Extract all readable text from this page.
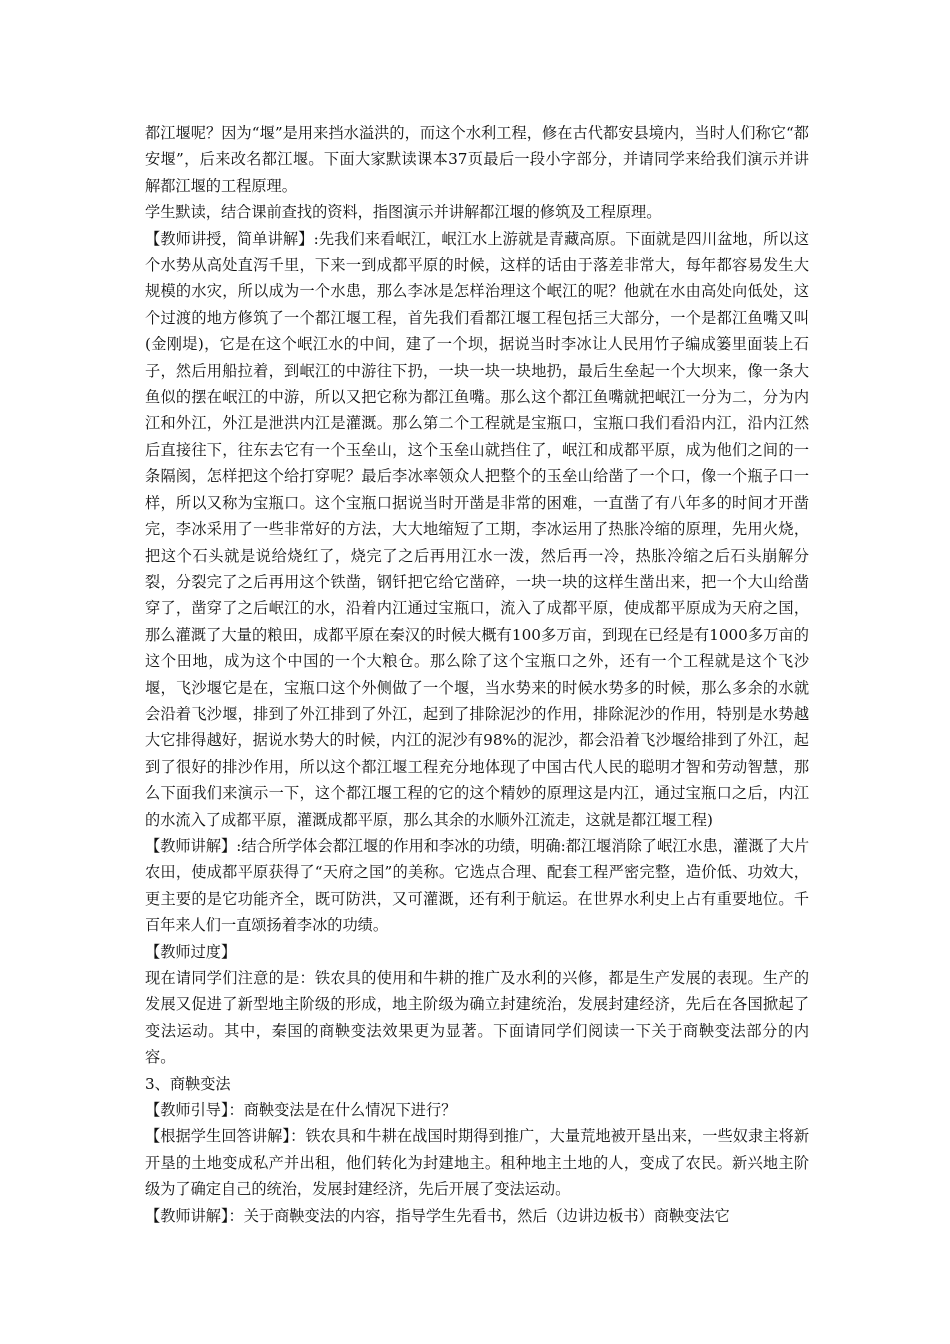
都江堰呢？因为“堰”是用来挡水溢洪的，而这个水利工程，修在古代都安县境内，当时人们称它“都安堰”，后来改名都江堰。下面大家默读课本37页最后一段小字部分，并请同学来给我们演示并讲解都江堰的工程原理。

学生默读，结合课前查找的资料，指图演示并讲解都江堰的修筑及工程原理。

【教师讲授，简单讲解】:先我们来看岷江，岷江水上游就是青藏高原。下面就是四川盆地，所以这个水势从高处直泻千里，下来一到成都平原的时候，这样的话由于落差非常大，每年都容易发生大规模的水灾，所以成为一个水患，那么李冰是怎样治理这个岷江的呢？他就在水由高处向低处，这个过渡的地方修筑了一个都江堰工程，首先我们看都江堰工程包括三大部分，一个是都江鱼嘴又叫(金刚堤)，它是在这个岷江水的中间，建了一个坝，据说当时李冰让人民用竹子编成篓里面装上石子，然后用船拉着，到岷江的中游往下扔，一块一块一块地扔，最后生垒起一个大坝来，像一条大鱼似的摆在岷江的中游，所以又把它称为都江鱼嘴。那么这个都江鱼嘴就把岷江一分为二，分为内江和外江，外江是泄洪内江是灌溉。那么第二个工程就是宝瓶口，宝瓶口我们看沿内江，沿内江然后直接往下，往东去它有一个玉垒山，这个玉垒山就挡住了，岷江和成都平原，成为他们之间的一条隔阂，怎样把这个给打穿呢？最后李冰率领众人把整个的玉垒山给凿了一个口，像一个瓶子口一样，所以又称为宝瓶口。这个宝瓶口据说当时开凿是非常的困难，一直凿了有八年多的时间才开凿完，李冰采用了一些非常好的方法，大大地缩短了工期，李冰运用了热胀冷缩的原理，先用火烧，把这个石头就是说给烧红了，烧完了之后再用江水一泼，然后再一冷，热胀冷缩之后石头崩解分裂，分裂完了之后再用这个铁凿，钢钎把它给它凿碎，一块一块的这样生凿出来，把一个大山给凿穿了，凿穿了之后岷江的水，沿着内江通过宝瓶口，流入了成都平原，使成都平原成为天府之国，那么灌溉了大量的粮田，成都平原在秦汉的时候大概有100多万亩，到现在已经是有1000多万亩的这个田地，成为这个中国的一个大粮仓。那么除了这个宝瓶口之外，还有一个工程就是这个飞沙堰，飞沙堰它是在，宝瓶口这个外侧做了一个堰，当水势来的时候水势多的时候，那么多余的水就会沿着飞沙堰，排到了外江排到了外江，起到了排除泥沙的作用，排除泥沙的作用，特别是水势越大它排得越好，据说水势大的时候，内江的泥沙有98%的泥沙，都会沿着飞沙堰给排到了外江，起到了很好的排沙作用，所以这个都江堰工程充分地体现了中国古代人民的聪明才智和劳动智慧，那么下面我们来演示一下，这个都江堰工程的它的这个精妙的原理这是内江，通过宝瓶口之后，内江的水流入了成都平原，灌溉成都平原，那么其余的水顺外江流走，这就是都江堰工程)

【教师讲解】:结合所学体会都江堰的作用和李冰的功绩，明确:都江堰消除了岷江水患，灌溉了大片农田，使成都平原获得了“天府之国”的美称。它选点合理、配套工程严密完整，造价低、功效大，更主要的是它功能齐全，既可防洪，又可灌溉，还有利于航运。在世界水利史上占有重要地位。千百年来人们一直颂扬着李冰的功绩。

【教师过度】

现在请同学们注意的是：铁农具的使用和牛耕的推广及水利的兴修，都是生产发展的表现。生产的发展又促进了新型地主阶级的形成，地主阶级为确立封建统治，发展封建经济，先后在各国掀起了变法运动。其中，秦国的商鞅变法效果更为显著。下面请同学们阅读一下关于商鞅变法部分的内容。

3、商鞅变法

【教师引导】：商鞅变法是在什么情况下进行？

【根据学生回答讲解】：铁农具和牛耕在战国时期得到推广，大量荒地被开垦出来，一些奴隶主将新开垦的土地变成私产并出租，他们转化为封建地主。租种地主土地的人，变成了农民。新兴地主阶级为了确定自己的统治，发展封建经济，先后开展了变法运动。

【教师讲解】：关于商鞅变法的内容，指导学生先看书，然后（边讲边板书）商鞅变法它
